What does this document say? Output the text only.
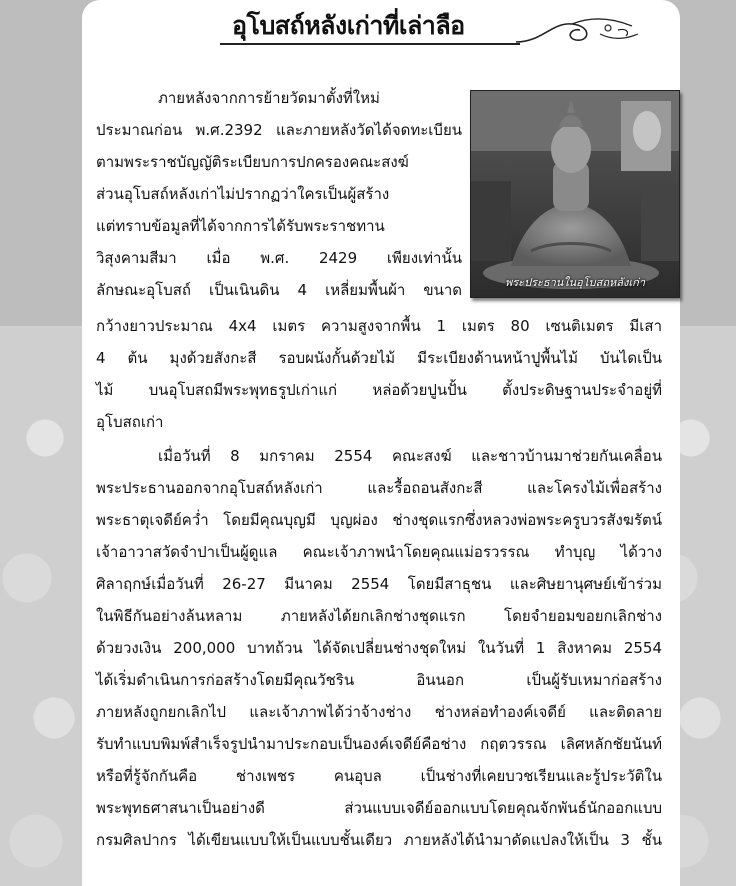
อุโบสถ์หลังเก่าที่เล่าลือ
พระประธานในอุโบสถหลังเก่า
ภายหลังจากการย้ายวัดมาตั้งที่ใหม่
ประมาณก่อน พ.ศ.2392 และภายหลังวัดได้จดทะเบียน
ตามพระราชบัญญัติระเบียบการปกครองคณะสงฆ์
ส่วนอุโบสถ์หลังเก่าไม่ปรากฏว่าใครเป็นผู้สร้าง
แต่ทราบข้อมูลที่ได้จากการได้รับพระราชทาน
วิสุงคามสีมา เมื่อ พ.ศ. 2429 เพียงเท่านั้น
ลักษณะอุโบสถ์ เป็นเนินดิน 4 เหลี่ยมพื้นผ้า ขนาด
กว้างยาวประมาณ 4x4 เมตร ความสูงจากพื้น 1 เมตร 80 เซนติเมตร มีเสา
4 ต้น มุงด้วยสังกะสี รอบผนังกั้นด้วยไม้ มีระเบียงด้านหน้าปูพื้นไม้ บันไดเป็น
ไม้ บนอุโบสถมีพระพุทธรูปเก่าแก่ หล่อด้วยปูนปั้น ตั้งประดิษฐานประจำอยู่ที่
อุโบสถเก่า
เมื่อวันที่ 8 มกราคม 2554 คณะสงฆ์ และชาวบ้านมาช่วยกันเคลื่อน
พระประธานออกจากอุโบสถ์หลังเก่า และรื้อถอนสังกะสี และโครงไม้เพื่อสร้าง
พระธาตุเจดีย์คว่ำ โดยมีคุณบุญมี บุญผ่อง ช่างชุดแรกซึ่งหลวงพ่อพระครูบวรสังฆรัตน์
เจ้าอาวาสวัดจำปาเป็นผู้ดูแล คณะเจ้าภาพนำโดยคุณแม่อรวรรณ ทำบุญ ได้วาง
ศิลาฤกษ์เมื่อวันที่ 26-27 มีนาคม 2554 โดยมีสาธุชน และศิษยานุศษย์เข้าร่วม
ในพิธีกันอย่างล้นหลาม ภายหลังได้ยกเลิกช่างชุดแรก โดยจำยอมขอยกเลิกช่าง
ด้วยวงเงิน 200,000 บาทถ้วน ได้จัดเปลี่ยนช่างชุดใหม่ ในวันที่ 1 สิงหาคม 2554
ได้เริ่มดำเนินการก่อสร้างโดยมีคุณวัชริน อินนอก เป็นผู้รับเหมาก่อสร้าง
ภายหลังถูกยกเลิกไป และเจ้าภาพได้ว่าจ้างช่าง ช่างหล่อทำองค์เจดีย์ และติดลาย
รับทำแบบพิมพ์สำเร็จรูปนำมาประกอบเป็นองค์เจดีย์คือช่าง กฤตวรรณ เลิศหลักชัยนันท์
หรือที่รู้จักกันคือ ช่างเพชร คนอุบล เป็นช่างที่เคยบวชเรียนและรู้ประวัติใน
พระพุทธศาสนาเป็นอย่างดี ส่วนแบบเจดีย์ออกแบบโดยคุณจักพันธ์นักออกแบบ
กรมศิลปากร ได้เขียนแบบให้เป็นแบบชั้นเดียว ภายหลังได้นำมาดัดแปลงให้เป็น 3 ชั้น
